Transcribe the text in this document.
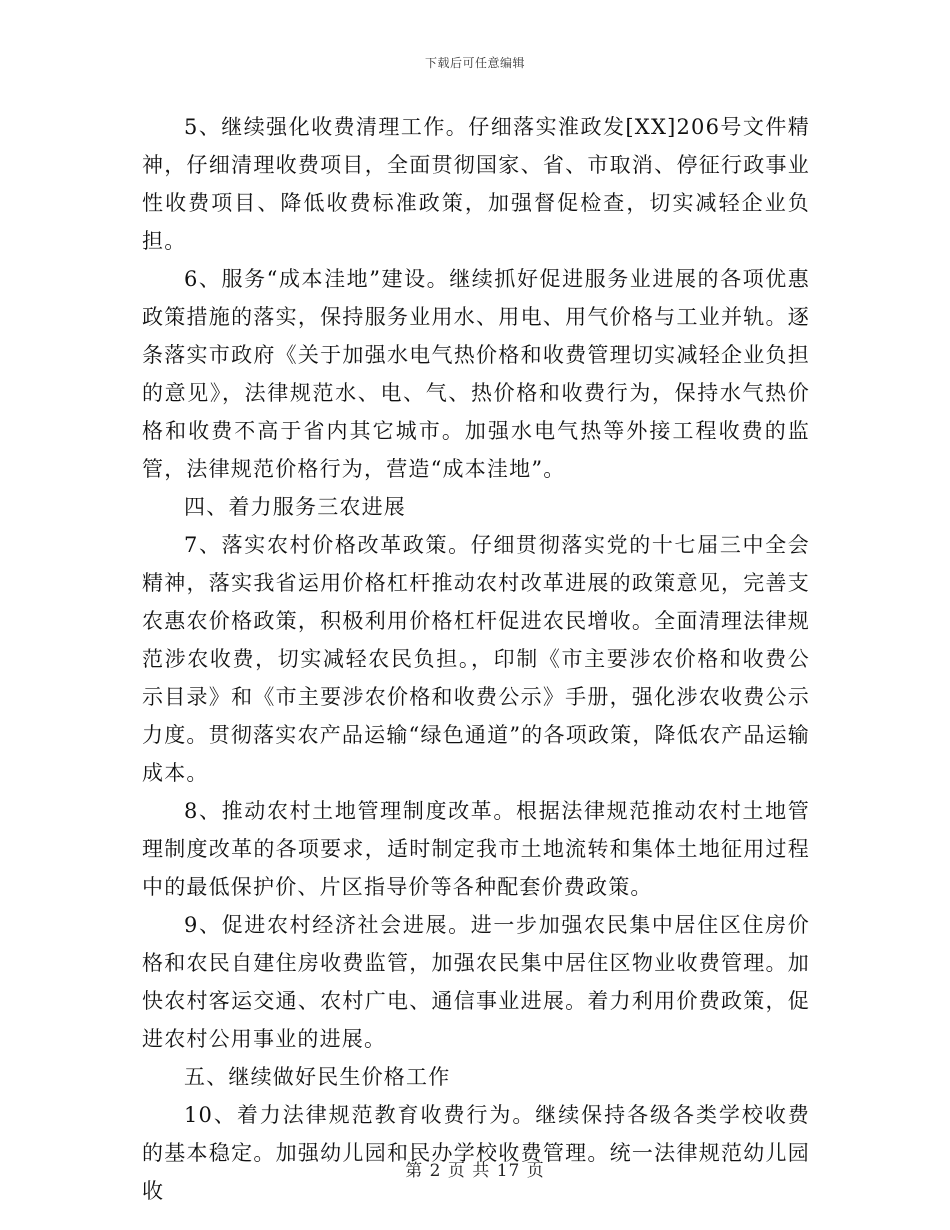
下载后可任意编辑

5、继续强化收费清理工作。仔细落实淮政发[XX]206号文件精神，仔细清理收费项目，全面贯彻国家、省、市取消、停征行政事业性收费项目、降低收费标准政策，加强督促检查，切实减轻企业负担。

6、服务“成本洼地”建设。继续抓好促进服务业进展的各项优惠政策措施的落实，保持服务业用水、用电、用气价格与工业并轨。逐条落实市政府《关于加强水电气热价格和收费管理切实减轻企业负担的意见》，法律规范水、电、气、热价格和收费行为，保持水气热价格和收费不高于省内其它城市。加强水电气热等外接工程收费的监管，法律规范价格行为，营造“成本洼地”。

四、着力服务三农进展

7、落实农村价格改革政策。仔细贯彻落实党的十七届三中全会精神，落实我省运用价格杠杆推动农村改革进展的政策意见，完善支农惠农价格政策，积极利用价格杠杆促进农民增收。全面清理法律规范涉农收费，切实减轻农民负担。，印制《市主要涉农价格和收费公示目录》和《市主要涉农价格和收费公示》手册，强化涉农收费公示力度。贯彻落实农产品运输“绿色通道”的各项政策，降低农产品运输成本。

8、推动农村土地管理制度改革。根据法律规范推动农村土地管理制度改革的各项要求，适时制定我市土地流转和集体土地征用过程中的最低保护价、片区指导价等各种配套价费政策。

9、促进农村经济社会进展。进一步加强农民集中居住区住房价格和农民自建住房收费监管，加强农民集中居住区物业收费管理。加快农村客运交通、农村广电、通信事业进展。着力利用价费政策，促进农村公用事业的进展。

五、继续做好民生价格工作

10、着力法律规范教育收费行为。继续保持各级各类学校收费的基本稳定。加强幼儿园和民办学校收费管理。统一法律规范幼儿园收

第 2 页 共 17 页
